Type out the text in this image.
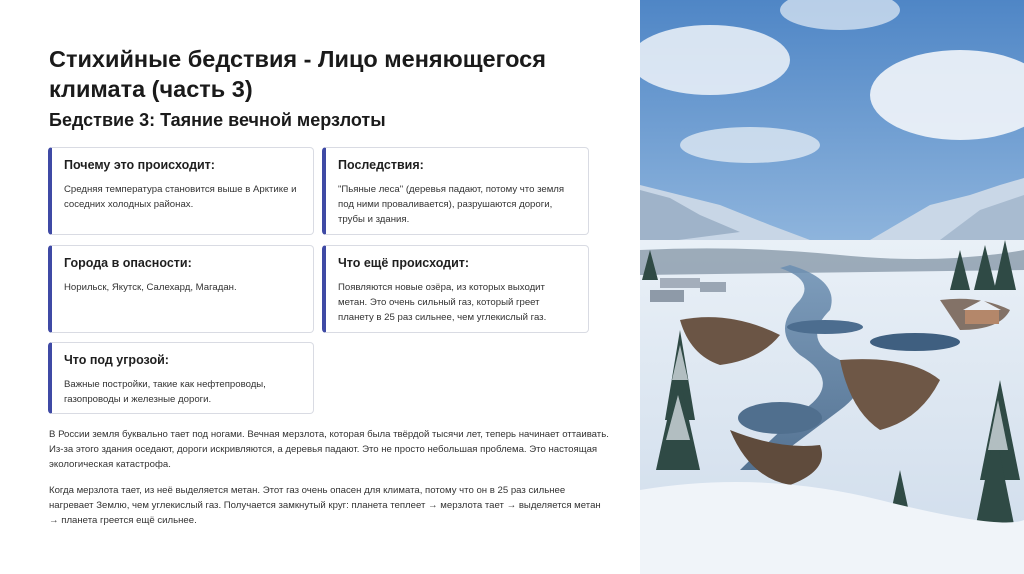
Стихийные бедствия - Лицо меняющегося климата (часть 3)
Бедствие 3: Таяние вечной мерзлоты
Почему это происходит:

Средняя температура становится выше в Арктике и соседних холодных районах.

Последствия:

"Пьяные леса" (деревья падают, потому что земля под ними проваливается), разрушаются дороги, трубы и здания.

Города в опасности:

Норильск, Якутск, Салехард, Магадан.

Что ещё происходит:

Появляются новые озёра, из которых выходит метан. Это очень сильный газ, который греет планету в 25 раз сильнее, чем углекислый газ.

Что под угрозой:

Важные постройки, такие как нефтепроводы, газопроводы и железные дороги.

В России земля буквально тает под ногами. Вечная мерзлота, которая была твёрдой тысячи лет, теперь начинает оттаивать. Из-за этого здания оседают, дороги искривляются, а деревья падают. Это не просто небольшая проблема. Это настоящая экологическая катастрофа.

Когда мерзлота тает, из неё выделяется метан. Этот газ очень опасен для климата, потому что он в 25 раз сильнее нагревает Землю, чем углекислый газ. Получается замкнутый круг: планета теплеет → мерзлота тает → выделяется метан → планета греется ещё сильнее.
